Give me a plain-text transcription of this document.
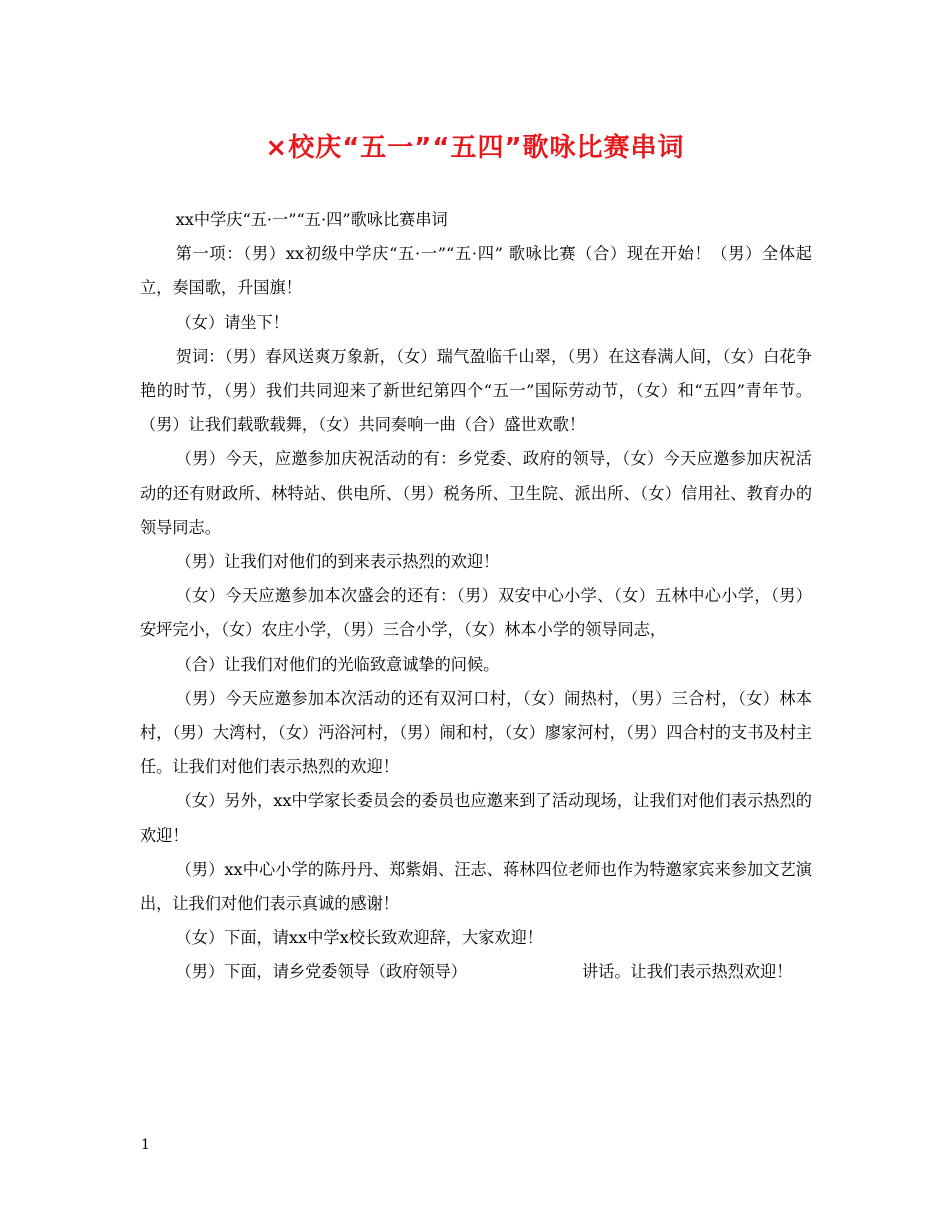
×校庆“五一”“五四”歌咏比赛串词

xx中学庆“五·一”“五·四”歌咏比赛串词

第一项：（男）xx初级中学庆“五·一”“五·四” 歌咏比赛（合）现在开始！（男）全体起立，奏国歌，升国旗！

（女）请坐下！

贺词：（男）春风送爽万象新，（女）瑞气盈临千山翠，（男）在这春满人间，（女）白花争艳的时节，（男）我们共同迎来了新世纪第四个“五一”国际劳动节，（女）和“五四”青年节。（男）让我们载歌载舞，（女）共同奏响一曲（合）盛世欢歌！

（男）今天，应邀参加庆祝活动的有：乡党委、政府的领导，（女）今天应邀参加庆祝活动的还有财政所、林特站、供电所、（男）税务所、卫生院、派出所、（女）信用社、教育办的领导同志。

（男）让我们对他们的到来表示热烈的欢迎！

（女）今天应邀参加本次盛会的还有：（男）双安中心小学、（女）五林中心小学，（男）安坪完小，（女）农庄小学，（男）三合小学，（女）林本小学的领导同志，

（合）让我们对他们的光临致意诚挚的问候。

（男）今天应邀参加本次活动的还有双河口村，（女）闹热村，（男）三合村，（女）林本村，（男）大湾村，（女）沔浴河村，（男）闹和村，（女）廖家河村，（男）四合村的支书及村主任。让我们对他们表示热烈的欢迎！

（女）另外，xx中学家长委员会的委员也应邀来到了活动现场，让我们对他们表示热烈的欢迎！

（男）xx中心小学的陈丹丹、郑紫娟、汪志、蒋林四位老师也作为特邀家宾来参加文艺演出，让我们对他们表示真诚的感谢！

（女）下面，请xx中学x校长致欢迎辞，大家欢迎！

（男）下面，请乡党委领导（政府领导）	讲话。让我们表示热烈欢迎！

1
